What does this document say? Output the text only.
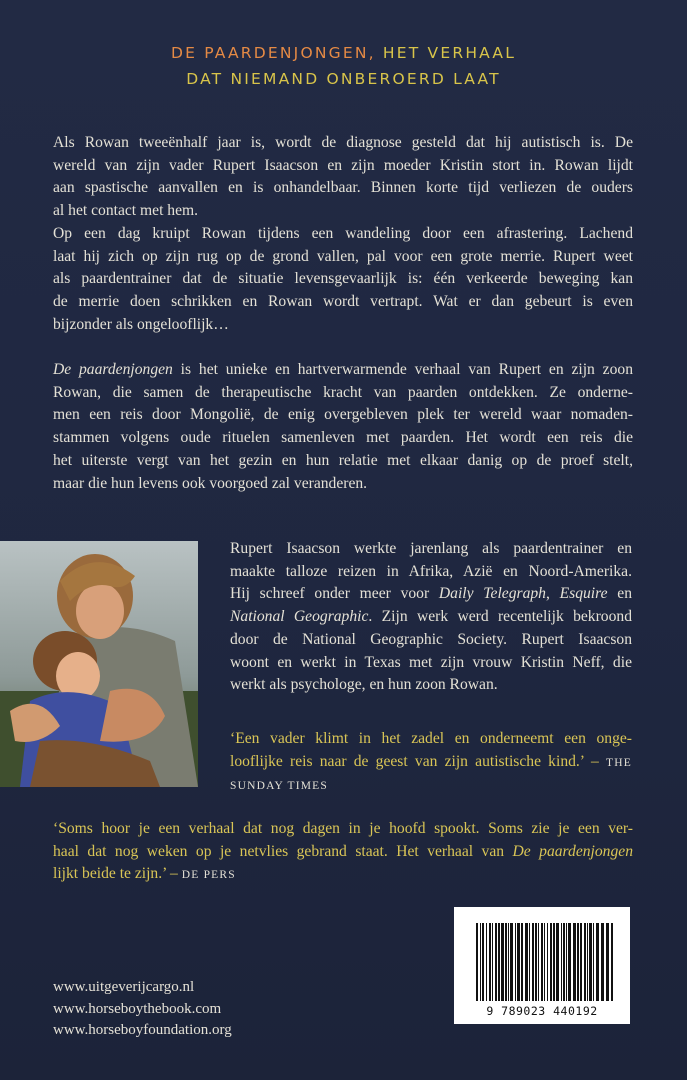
DE PAARDENJONGEN, HET VERHAAL
DAT NIEMAND ONBEROERD LAAT
Als Rowan tweeënhalf jaar is, wordt de diagnose gesteld dat hij autistisch is. De
wereld van zijn vader Rupert Isaacson en zijn moeder Kristin stort in. Rowan lijdt
aan spastische aanvallen en is onhandelbaar. Binnen korte tijd verliezen de ouders
al het contact met hem.
Op een dag kruipt Rowan tijdens een wandeling door een afrastering. Lachend
laat hij zich op zijn rug op de grond vallen, pal voor een grote merrie. Rupert weet
als paardentrainer dat de situatie levensgevaarlijk is: één verkeerde beweging kan
de merrie doen schrikken en Rowan wordt vertrapt. Wat er dan gebeurt is even
bijzonder als ongelooflijk…
De paardenjongen is het unieke en hartverwarmende verhaal van Rupert en zijn zoon
Rowan, die samen de therapeutische kracht van paarden ontdekken. Ze onderne-
men een reis door Mongolië, de enig overgebleven plek ter wereld waar nomaden-
stammen volgens oude rituelen samenleven met paarden. Het wordt een reis die
het uiterste vergt van het gezin en hun relatie met elkaar danig op de proef stelt,
maar die hun levens ook voorgoed zal veranderen.
Rupert Isaacson werkte jarenlang als paardentrainer en
maakte talloze reizen in Afrika, Azië en Noord-Amerika.
Hij schreef onder meer voor Daily Telegraph, Esquire en
National Geographic. Zijn werk werd recentelijk bekroond
door de National Geographic Society. Rupert Isaacson
woont en werkt in Texas met zijn vrouw Kristin Neff, die
werkt als psychologe, en hun zoon Rowan.
‘Een vader klimt in het zadel en onderneemt een onge-
looflijke reis naar de geest van zijn autistische kind.’ – THE
SUNDAY TIMES
‘Soms hoor je een verhaal dat nog dagen in je hoofd spookt. Soms zie je een ver-
haal dat nog weken op je netvlies gebrand staat. Het verhaal van De paardenjongen
lijkt beide te zijn.’ – DE PERS
9 789023 440192
www.uitgeverijcargo.nl
www.horseboythebook.com
www.horseboyfoundation.org
